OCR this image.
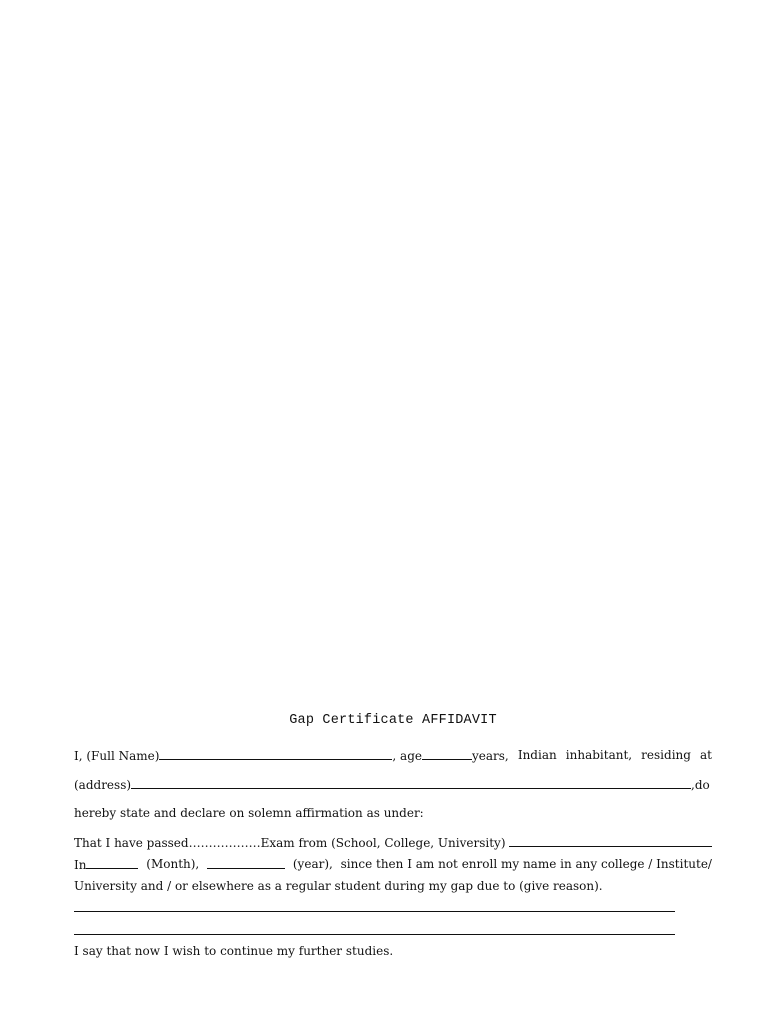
Gap Certificate AFFIDAVIT
I, (Full Name)	, age	years, Indian inhabitant, residing at
(address)	,do
hereby state and declare on solemn affirmation as under:
That I have passed………………Exam from (School, College, University)
In	(Month),	(year), since then I am not enroll my name in any college / Institute/
University and / or elsewhere as a regular student during my gap due to (give reason).
I say that now I wish to continue my further studies.
